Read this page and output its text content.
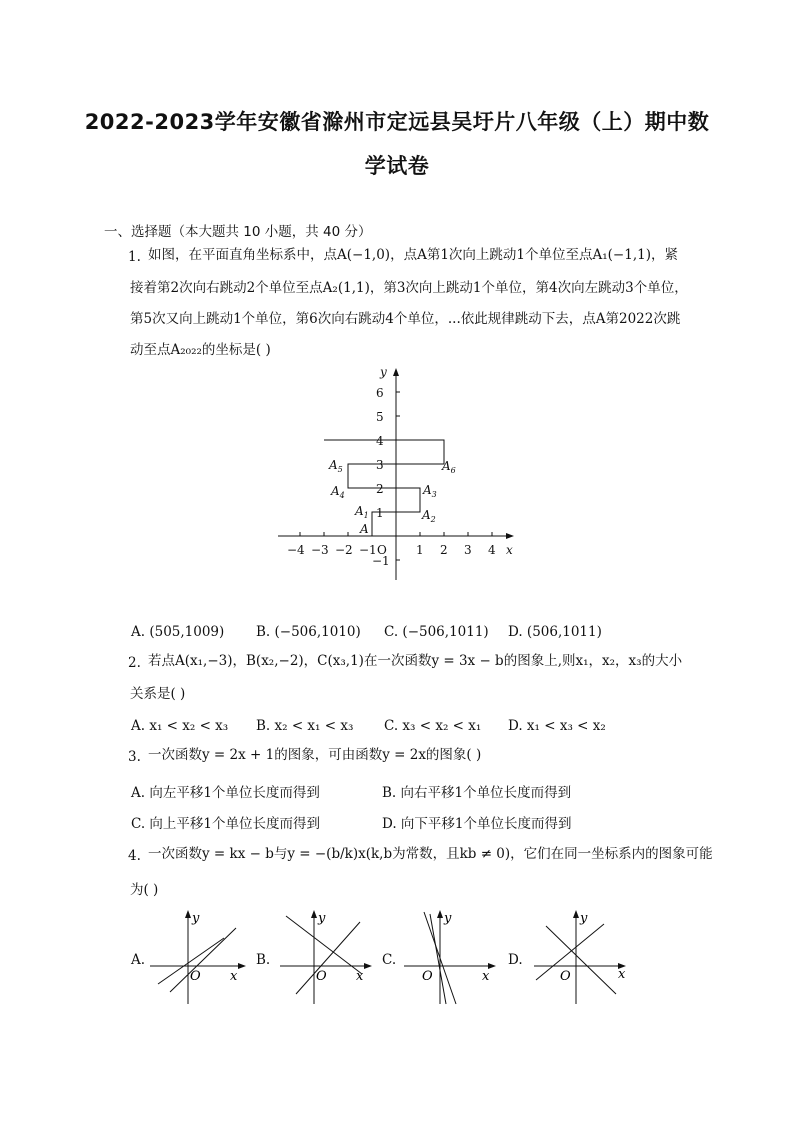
2022-2023学年安徽省滁州市定远县吴圩片八年级（上）期中数
学试卷
一、选择题（本大题共 10 小题，共 40 分）
1. 如图，在平面直角坐标系中，点A(−1,0)，点A第1次向上跳动1个单位至点A₁(−1,1)，紧
接着第2次向右跳动2个单位至点A₂(1,1)，第3次向上跳动1个单位，第4次向左跳动3个单位，
第5次又向上跳动1个单位，第6次向右跳动4个单位，...依此规律跳动下去，点A第2022次跳
动至点A₂₀₂₂的坐标是( )
−4 −3 −2 −1 O 1 2 3 4
6
5
4
3
2
1
−1
x
y
A
$A_1$	$A_2$
$A_3$
$A_4$
$A_5$	$A_6$
A. (505,1009) B. (−506,1010) C. (−506,1011) D. (506,1011)
2. 若点A(x₁,−3)，B(x₂,−2)，C(x₃,1)在一次函数y = 3x − b的图象上,则x₁，x₂，x₃的大小
关系是( )
A. x₁ < x₂ < x₃ B. x₂ < x₁ < x₃ C. x₃ < x₂ < x₁ D. x₁ < x₃ < x₂
3. 一次函数y = 2x + 1的图象，可由函数y = 2x的图象( )
A. 向左平移1个单位长度而得到	B. 向右平移1个单位长度而得到
C. 向上平移1个单位长度而得到	D. 向下平移1个单位长度而得到
4. 一次函数y = kx − b与y = −(b/k)x(k,b为常数，且kb ≠ 0)，它们在同一坐标系内的图象可能
为( )
A.
O x
y
B.
O x
y
C.
O	x
y
D.
O	x
y
